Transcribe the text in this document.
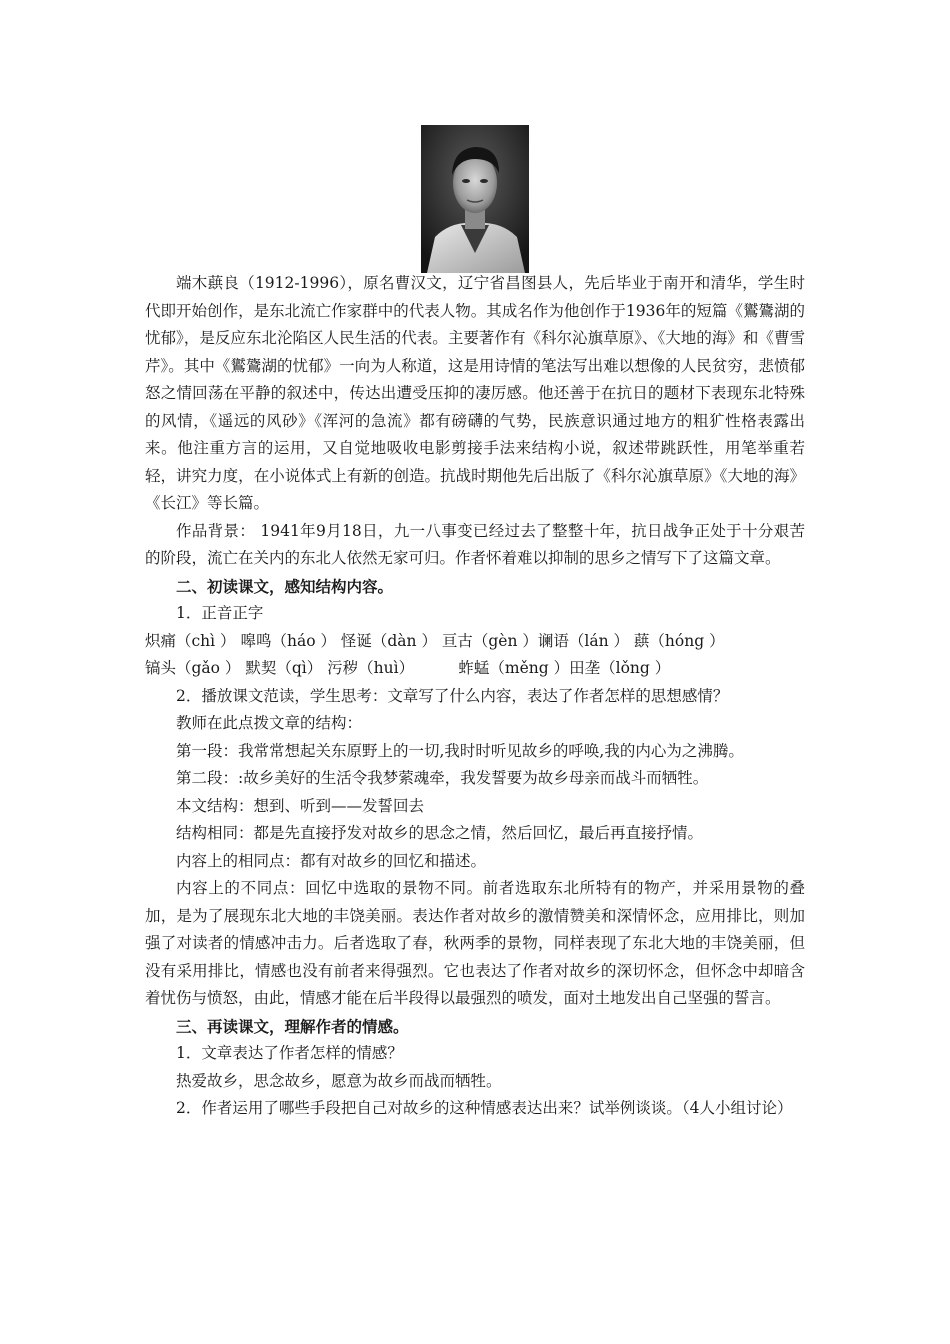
端木蕻良（1912-1996），原名曹汉文，辽宁省昌图县人，先后毕业于南开和清华，学生时代即开始创作，是东北流亡作家群中的代表人物。其成名作为他创作于1936年的短篇《鸑鷟湖的忧郁》，是反应东北沦陷区人民生活的代表。主要著作有《科尔沁旗草原》、《大地的海》和《曹雪芹》。其中《鸑鷟湖的忧郁》一向为人称道，这是用诗情的笔法写出难以想像的人民贫穷，悲愤郁怒之情回荡在平静的叙述中，传达出遭受压抑的凄厉感。他还善于在抗日的题材下表现东北特殊的风情，《遥远的风砂》《浑河的急流》都有磅礴的气势，民族意识通过地方的粗犷性格表露出来。他注重方言的运用，又自觉地吸收电影剪接手法来结构小说，叙述带跳跃性，用笔举重若轻，讲究力度，在小说体式上有新的创造。抗战时期他先后出版了《科尔沁旗草原》《大地的海》《长江》等长篇。

作品背景： 1941年9月18日，九一八事变已经过去了整整十年，抗日战争正处于十分艰苦的阶段，流亡在关内的东北人依然无家可归。作者怀着难以抑制的思乡之情写下了这篇文章。

二、初读课文，感知结构内容。

1．正音正字

炽痛（chì ） 嗥鸣（háo ） 怪诞（dàn ） 亘古（gèn ）谰语（lán ） 蕻（hóng ）

镐头（gǎo ） 默契（qì） 污秽（huì）         蚱蜢（měng ）田垄（lǒng ）

2．播放课文范读，学生思考：文章写了什么内容，表达了作者怎样的思想感情？

教师在此点拨文章的结构：

第一段：我常常想起关东原野上的一切,我时时听见故乡的呼唤,我的内心为之沸腾。

第二段：:故乡美好的生活令我梦萦魂牵，我发誓要为故乡母亲而战斗而牺牲。

本文结构：想到、听到——发誓回去

结构相同：都是先直接抒发对故乡的思念之情，然后回忆，最后再直接抒情。

内容上的相同点：都有对故乡的回忆和描述。

内容上的不同点：回忆中选取的景物不同。前者选取东北所特有的物产，并采用景物的叠加，是为了展现东北大地的丰饶美丽。表达作者对故乡的激情赞美和深情怀念，应用排比，则加强了对读者的情感冲击力。后者选取了春，秋两季的景物，同样表现了东北大地的丰饶美丽，但没有采用排比，情感也没有前者来得强烈。它也表达了作者对故乡的深切怀念，但怀念中却暗含着忧伤与愤怒，由此，情感才能在后半段得以最强烈的喷发，面对土地发出自己坚强的誓言。

三、再读课文，理解作者的情感。

1．文章表达了作者怎样的情感？

热爱故乡，思念故乡，愿意为故乡而战而牺牲。

2．作者运用了哪些手段把自己对故乡的这种情感表达出来？试举例谈谈。（4人小组讨论）
